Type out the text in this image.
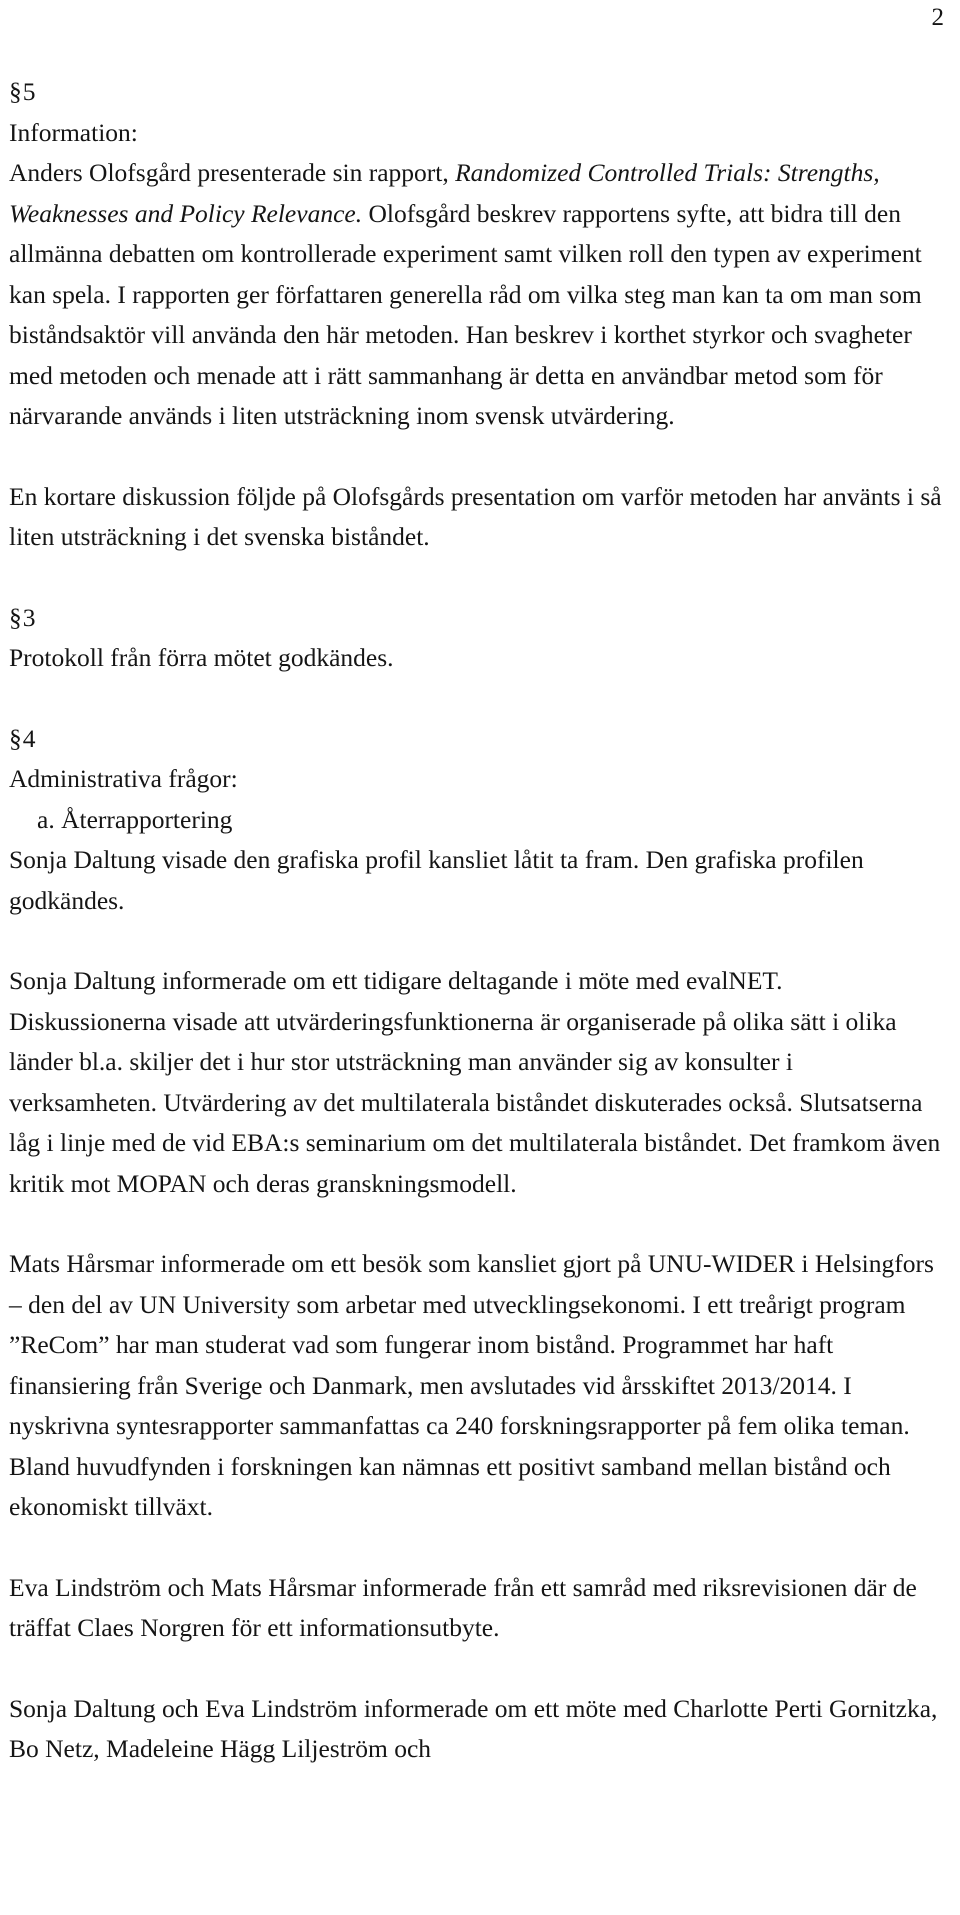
2
§5
Information:

Anders Olofsgård presenterade sin rapport, Randomized Controlled Trials: Strengths, Weaknesses and Policy Relevance. Olofsgård beskrev rapportens syfte, att bidra till den allmänna debatten om kontrollerade experiment samt vilken roll den typen av experiment kan spela. I rapporten ger författaren generella råd om vilka steg man kan ta om man som biståndsaktör vill använda den här metoden. Han beskrev i korthet styrkor och svagheter med metoden och menade att i rätt sammanhang är detta en användbar metod som för närvarande används i liten utsträckning inom svensk utvärdering.

En kortare diskussion följde på Olofsgårds presentation om varför metoden har använts i så liten utsträckning i det svenska biståndet.

§3

Protokoll från förra mötet godkändes.

§4
Administrativa frågor:
a. Återrapportering

Sonja Daltung visade den grafiska profil kansliet låtit ta fram. Den grafiska profilen godkändes.

Sonja Daltung informerade om ett tidigare deltagande i möte med evalNET. Diskussionerna visade att utvärderingsfunktionerna är organiserade på olika sätt i olika länder bl.a. skiljer det i hur stor utsträckning man använder sig av konsulter i verksamheten. Utvärdering av det multilaterala biståndet diskuterades också. Slutsatserna låg i linje med de vid EBA:s seminarium om det multilaterala biståndet. Det framkom även kritik mot MOPAN och deras granskningsmodell.

Mats Hårsmar informerade om ett besök som kansliet gjort på UNU-WIDER i Helsingfors – den del av UN University som arbetar med utvecklingsekonomi. I ett treårigt program ”ReCom” har man studerat vad som fungerar inom bistånd. Programmet har haft finansiering från Sverige och Danmark, men avslutades vid årsskiftet 2013/2014. I nyskrivna syntesrapporter sammanfattas ca 240 forskningsrapporter på fem olika teman. Bland huvudfynden i forskningen kan nämnas ett positivt samband mellan bistånd och ekonomiskt tillväxt.

Eva Lindström och Mats Hårsmar informerade från ett samråd med riksrevisionen där de träffat Claes Norgren för ett informationsutbyte.

Sonja Daltung och Eva Lindström informerade om ett möte med Charlotte Perti Gornitzka, Bo Netz, Madeleine Hägg Liljeström och
